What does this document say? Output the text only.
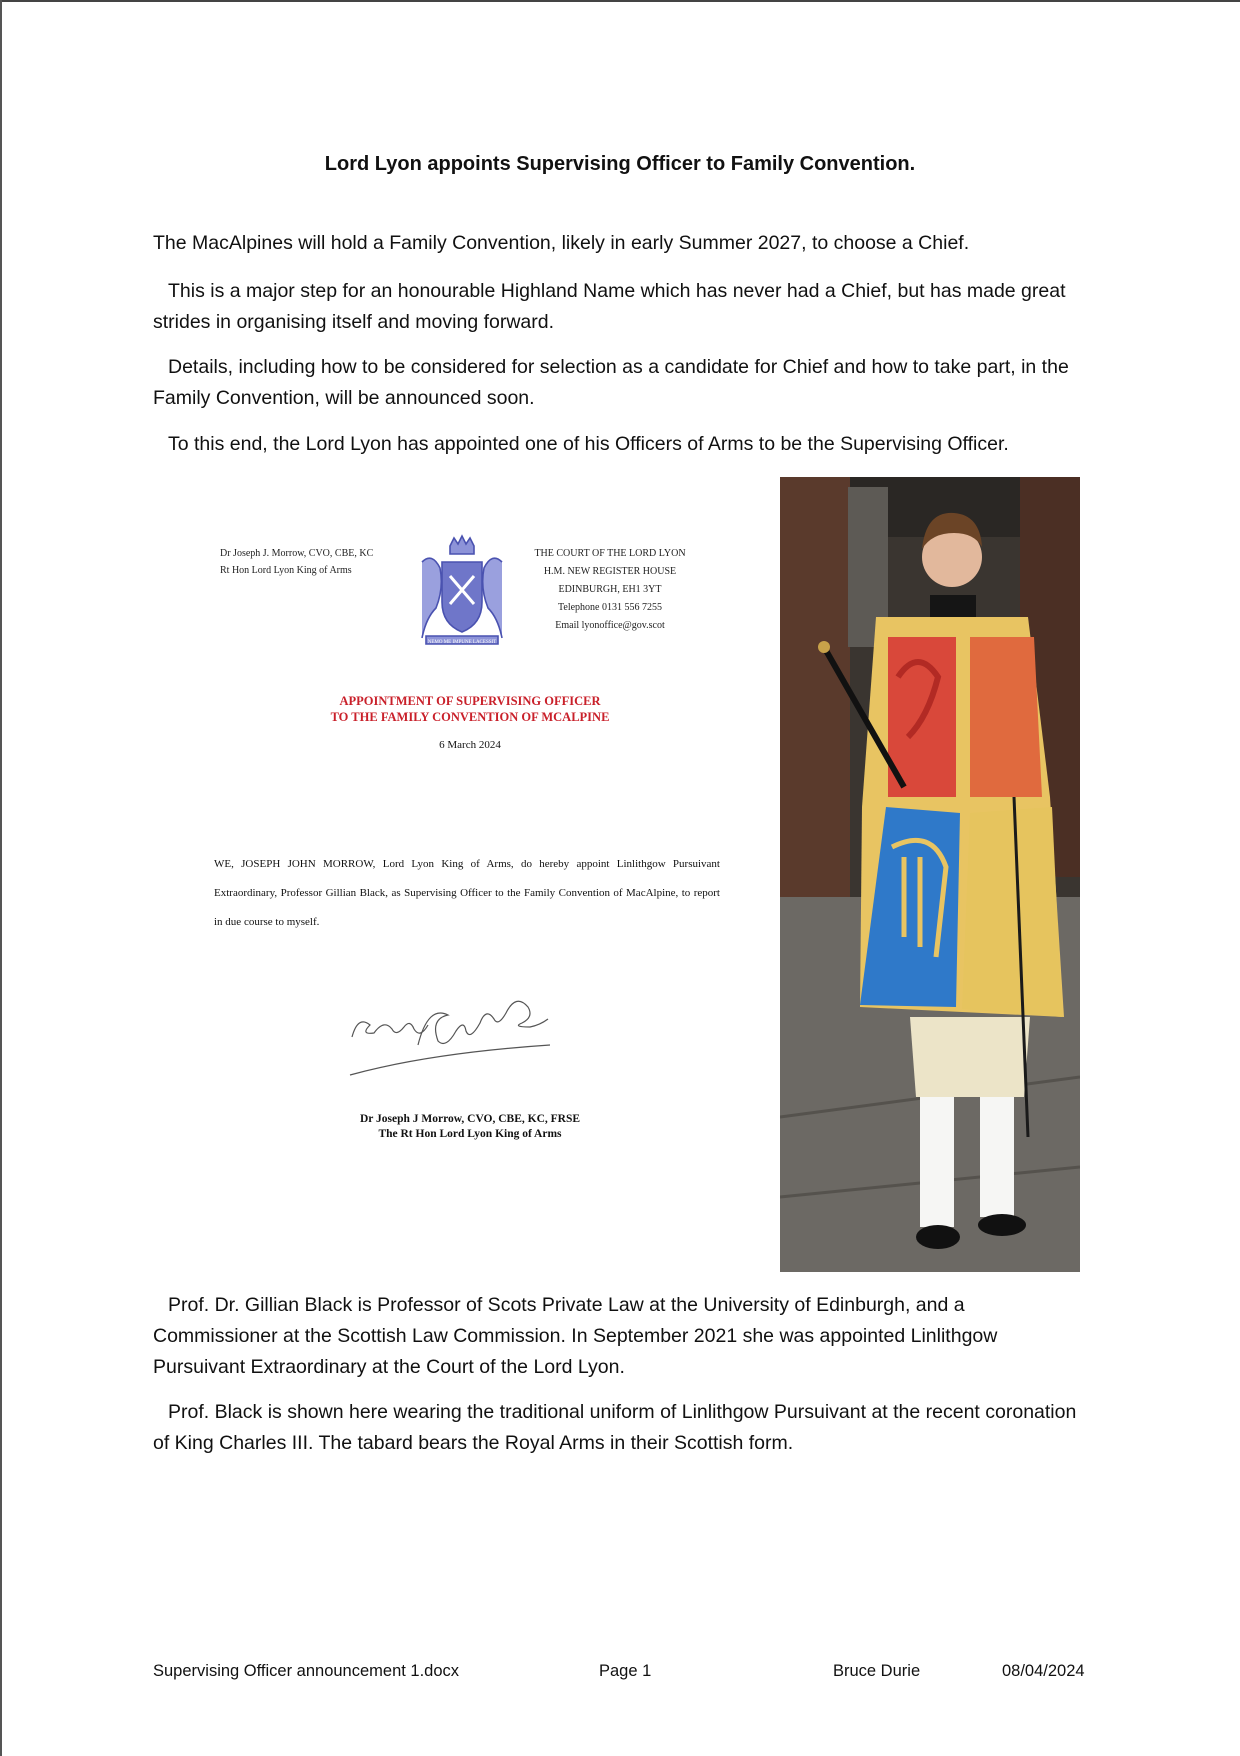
Lord Lyon appoints Supervising Officer to Family Convention.

The MacAlpines will hold a Family Convention, likely in early Summer 2027, to choose a Chief.

This is a major step for an honourable Highland Name which has never had a Chief, but has made great strides in organising itself and moving forward.

Details, including how to be considered for selection as a candidate for Chief and how to take part, in the Family Convention, will be announced soon.

To this end, the Lord Lyon has appointed one of his Officers of Arms to be the Supervising Officer.

Dr Joseph J. Morrow, CVO, CBE, KC
Rt Hon Lord Lyon King of Arms
NEMO ME IMPUNE LACESSIT
THE COURT OF THE LORD LYON
H.M. NEW REGISTER HOUSE
EDINBURGH, EH1 3YT
Telephone 0131 556 7255
Email lyonoffice@gov.scot
APPOINTMENT OF SUPERVISING OFFICER
TO THE FAMILY CONVENTION OF MCALPINE
6 March 2024
WE, JOSEPH JOHN MORROW, Lord Lyon King of Arms, do hereby appoint Linlithgow Pursuivant Extraordinary, Professor Gillian Black, as Supervising Officer to the Family Convention of MacAlpine, to report in due course to myself.
Dr Joseph J Morrow, CVO, CBE, KC, FRSE
The Rt Hon Lord Lyon King of Arms

Prof. Dr. Gillian Black is Professor of Scots Private Law at the University of Edinburgh, and a Commissioner at the Scottish Law Commission. In September 2021 she was appointed Linlithgow Pursuivant Extraordinary at the Court of the Lord Lyon.

Prof. Black is shown here wearing the traditional uniform of Linlithgow Pursuivant at the recent coronation of King Charles III. The tabard bears the Royal Arms in their Scottish form.

Supervising Officer announcement 1.docx	Page 1	Bruce Durie	08/04/2024
